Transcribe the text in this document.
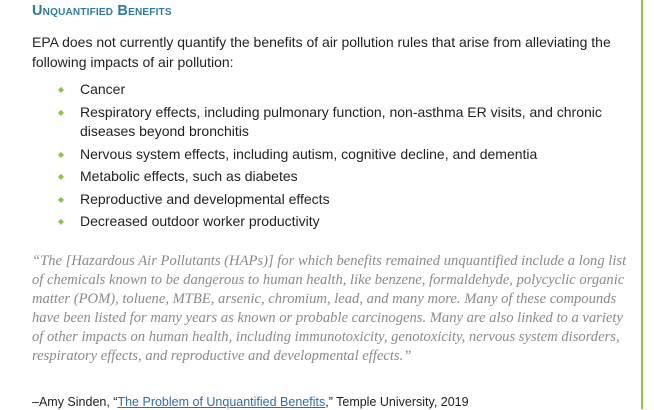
Unquantified Benefits

EPA does not currently quantify the benefits of air pollution rules that arise from alleviating the following impacts of air pollution:

◆ Cancer
◆ Respiratory effects, including pulmonary function, non-asthma ER visits, and chronic diseases beyond bronchitis
◆ Nervous system effects, including autism, cognitive decline, and dementia
◆ Metabolic effects, such as diabetes
◆ Reproductive and developmental effects
◆ Decreased outdoor worker productivity

“The [Hazardous Air Pollutants (HAPs)] for which benefits remained unquantified include a long list of chemicals known to be dangerous to human health, like benzene, formaldehyde, polycyclic organic matter (POM), toluene, MTBE, arsenic, chromium, lead, and many more. Many of these compounds have been listed for many years as known or probable carcinogens. Many are also linked to a variety of other impacts on human health, including immunotoxicity, genotoxicity, nervous system disorders, respiratory effects, and reproductive and developmental effects.”

–Amy Sinden, “The Problem of Unquantified Benefits,” Temple University, 2019
